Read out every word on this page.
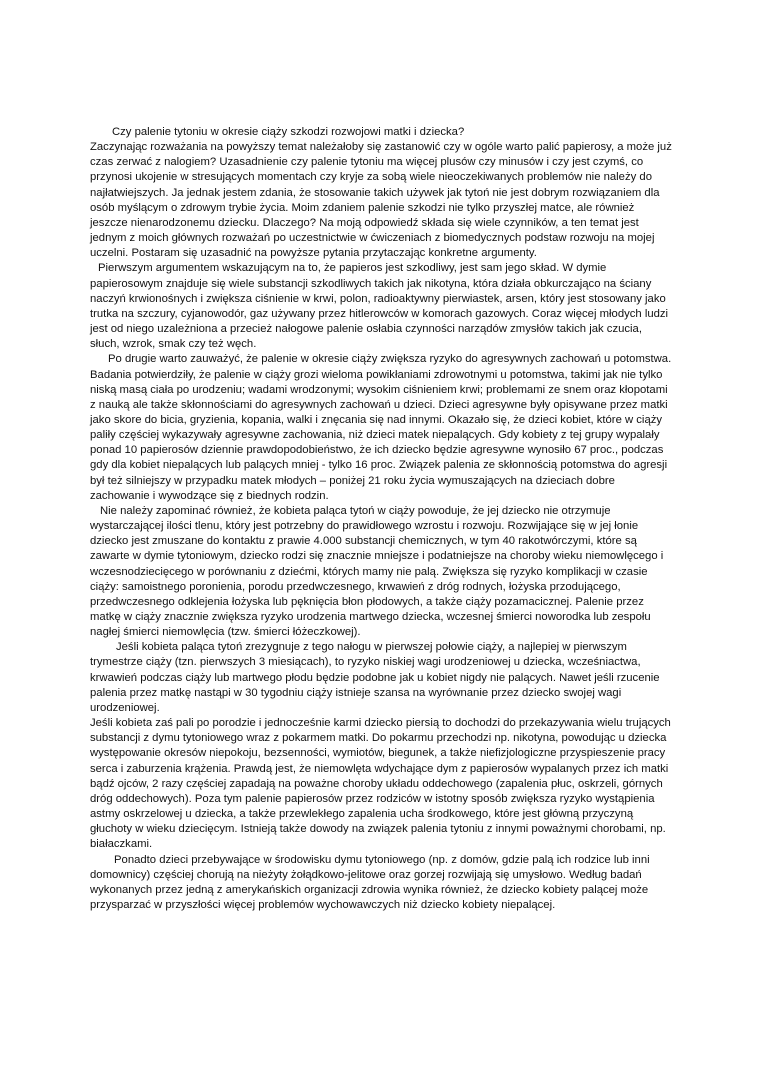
Czy palenie tytoniu w okresie ciąży szkodzi rozwojowi matki i dziecka?

Zaczynając rozważania na powyższy temat należałoby się zastanowić czy w ogóle warto palić papierosy, a może już czas zerwać z nalogiem? Uzasadnienie czy palenie tytoniu ma więcej plusów czy minusów i czy jest czymś, co przynosi ukojenie w stresujących momentach czy kryje za sobą wiele nieoczekiwanych problemów nie należy do najłatwiejszych. Ja jednak jestem zdania, że stosowanie takich używek jak tytoń nie jest dobrym rozwiązaniem dla osób myślącym o zdrowym trybie życia. Moim zdaniem palenie szkodzi nie tylko przyszłej matce, ale również jeszcze nienarodzonemu dziecku. Dlaczego? Na moją odpowiedź składa się wiele czynników, a ten temat jest jednym z moich głównych rozważań po uczestnictwie w ćwiczeniach z biomedycznych podstaw rozwoju na mojej uczelni. Postaram się uzasadnić na powyższe pytania przytaczając konkretne argumenty.

Pierwszym argumentem wskazującym na to, że papieros jest szkodliwy, jest sam jego skład. W dymie papierosowym znajduje się wiele substancji szkodliwych takich jak nikotyna, która działa obkurczająco na ściany naczyń krwionośnych i zwiększa ciśnienie w krwi, polon, radioaktywny pierwiastek, arsen, który jest stosowany jako trutka na szczury, cyjanowodór, gaz używany przez hitlerowców w komorach gazowych. Coraz więcej młodych ludzi jest od niego uzależniona a przecież nałogowe palenie osłabia czynności narządów zmysłów takich jak czucia, słuch, wzrok, smak czy też węch.

Po drugie warto zauważyć, że palenie w okresie ciąży zwiększa ryzyko do agresywnych zachowań u potomstwa. Badania potwierdziły, że palenie w ciąży grozi wieloma powikłaniami zdrowotnymi u potomstwa, takimi jak nie tylko niską masą ciała po urodzeniu; wadami wrodzonymi; wysokim ciśnieniem krwi; problemami ze snem oraz kłopotami z nauką ale także skłonnościami do agresywnych zachowań u dzieci. Dzieci agresywne były opisywane przez matki jako skore do bicia, gryzienia, kopania, walki i znęcania się nad innymi. Okazało się, że dzieci kobiet, które w ciąży paliły częściej wykazywały agresywne zachowania, niż dzieci matek niepalących. Gdy kobiety z tej grupy wypalały ponad 10 papierosów dziennie prawdopodobieństwo, że ich dziecko będzie agresywne wynosiło 67 proc., podczas gdy dla kobiet niepalących lub palących mniej - tylko 16 proc. Związek palenia ze skłonnością potomstwa do agresji był też silniejszy w przypadku matek młodych – poniżej 21 roku życia wymuszających na dzieciach dobre zachowanie i wywodzące się z biednych rodzin.

Nie należy zapominać również, że kobieta paląca tytoń w ciąży powoduje, że jej dziecko nie otrzymuje wystarczającej ilości tlenu, który jest potrzebny do prawidłowego wzrostu i rozwoju. Rozwijające się w jej łonie dziecko jest zmuszane do kontaktu z prawie 4.000 substancji chemicznych, w tym 40 rakotwórczymi, które są zawarte w dymie tytoniowym, dziecko rodzi się znacznie mniejsze i podatniejsze na choroby wieku niemowlęcego i wczesnodziecięcego w porównaniu z dziećmi, których mamy nie palą. Zwiększa się ryzyko komplikacji w czasie ciąży: samoistnego poronienia, porodu przedwczesnego, krwawień z dróg rodnych, łożyska przodującego, przedwczesnego odklejenia łożyska lub pęknięcia błon płodowych, a także ciąży pozamacicznej. Palenie przez matkę w ciąży znacznie zwiększa ryzyko urodzenia martwego dziecka, wczesnej śmierci noworodka lub zespołu nagłej śmierci niemowlęcia (tzw. śmierci łóżeczkowej).

Jeśli kobieta paląca tytoń zrezygnuje z tego nałogu w pierwszej połowie ciąży, a najlepiej w pierwszym trymestrze ciąży (tzn. pierwszych 3 miesiącach), to ryzyko niskiej wagi urodzeniowej u dziecka, wcześniactwa, krwawień podczas ciąży lub martwego płodu będzie podobne jak u kobiet nigdy nie palących. Nawet jeśli rzucenie palenia przez matkę nastąpi w 30 tygodniu ciąży istnieje szansa na wyrównanie przez dziecko swojej wagi urodzeniowej.

Jeśli kobieta zaś pali po porodzie i jednocześnie karmi dziecko piersią to dochodzi do przekazywania wielu trujących substancji z dymu tytoniowego wraz z pokarmem matki. Do pokarmu przechodzi np. nikotyna, powodując u dziecka występowanie okresów niepokoju, bezsenności, wymiotów, biegunek, a także niefizjologiczne przyspieszenie pracy serca i zaburzenia krążenia. Prawdą jest, że niemowlęta wdychające dym z papierosów wypalanych przez ich matki bądź ojców, 2 razy częściej zapadają na poważne choroby układu oddechowego (zapalenia płuc, oskrzeli, górnych dróg oddechowych). Poza tym palenie papierosów przez rodziców w istotny sposób zwiększa ryzyko wystąpienia astmy oskrzelowej u dziecka, a także przewlekłego zapalenia ucha środkowego, które jest główną przyczyną głuchoty w wieku dziecięcym. Istnieją także dowody na związek palenia tytoniu z innymi poważnymi chorobami, np. białaczkami.

Ponadto dzieci przebywające w środowisku dymu tytoniowego (np. z domów, gdzie palą ich rodzice lub inni domownicy) częściej chorują na nieżyty żołądkowo-jelitowe oraz gorzej rozwijają się umysłowo. Według badań wykonanych przez jedną z amerykańskich organizacji zdrowia wynika również, że dziecko kobiety palącej może przysparzać w przyszłości więcej problemów wychowawczych niż dziecko kobiety niepalącej.
